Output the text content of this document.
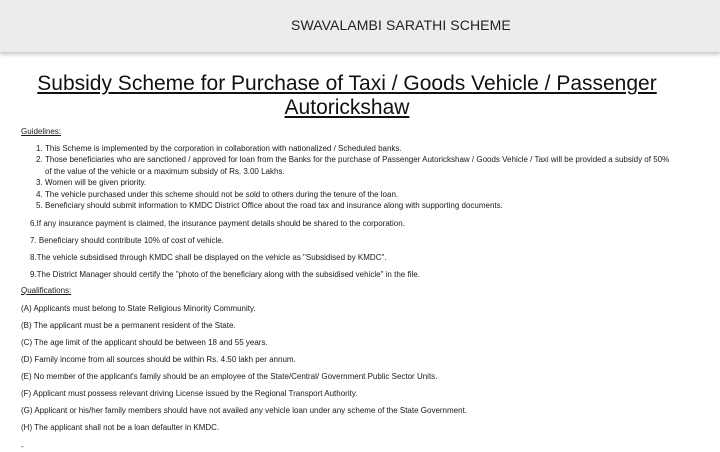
SWAVALAMBI SARATHI SCHEME
Subsidy Scheme for Purchase of Taxi / Goods Vehicle / Passenger
Autorickshaw
Guidelines:
1. This Scheme is implemented by the corporation in collaboration with nationalized / Scheduled banks.
2. Those beneficiaries who are sanctioned / approved for loan from the Banks for the purchase of Passenger Autorickshaw / Goods Vehicle / Taxi will be provided a subsidy of 50% of the value of the vehicle or a maximum subsidy of Rs. 3.00 Lakhs.
3. Women will be given priority.
4. The vehicle purchased under this scheme should not be sold to others during the tenure of the loan.
5. Beneficiary should submit information to KMDC District Office about the road tax and insurance along with supporting documents.
6.If any insurance payment is claimed, the insurance payment details should be shared to the corporation.
7. Beneficiary should contribute 10% of cost of vehicle.
8.The vehicle subsidised through KMDC shall be displayed on the vehicle as "Subsidised by KMDC".
9.The District Manager should certify the "photo of the beneficiary along with the subsidised vehicle" in the file.
Qualifications:
(A) Applicants must belong to State Religious Minority Community.
(B) The applicant must be a permanent resident of the State.
(C) The age limit of the applicant should be between 18 and 55 years.
(D) Family income from all sources should be within Rs. 4.50 lakh per annum.
(E) No member of the applicant's family should be an employee of the State/Central/ Government Public Sector Units.
(F) Applicant must possess relevant driving License issued by the Regional Transport Authority.
(G) Applicant or his/her family members should have not availed any vehicle loan under any scheme of the State Government.
(H) The applicant shall not be a loan defaulter in KMDC.
-
